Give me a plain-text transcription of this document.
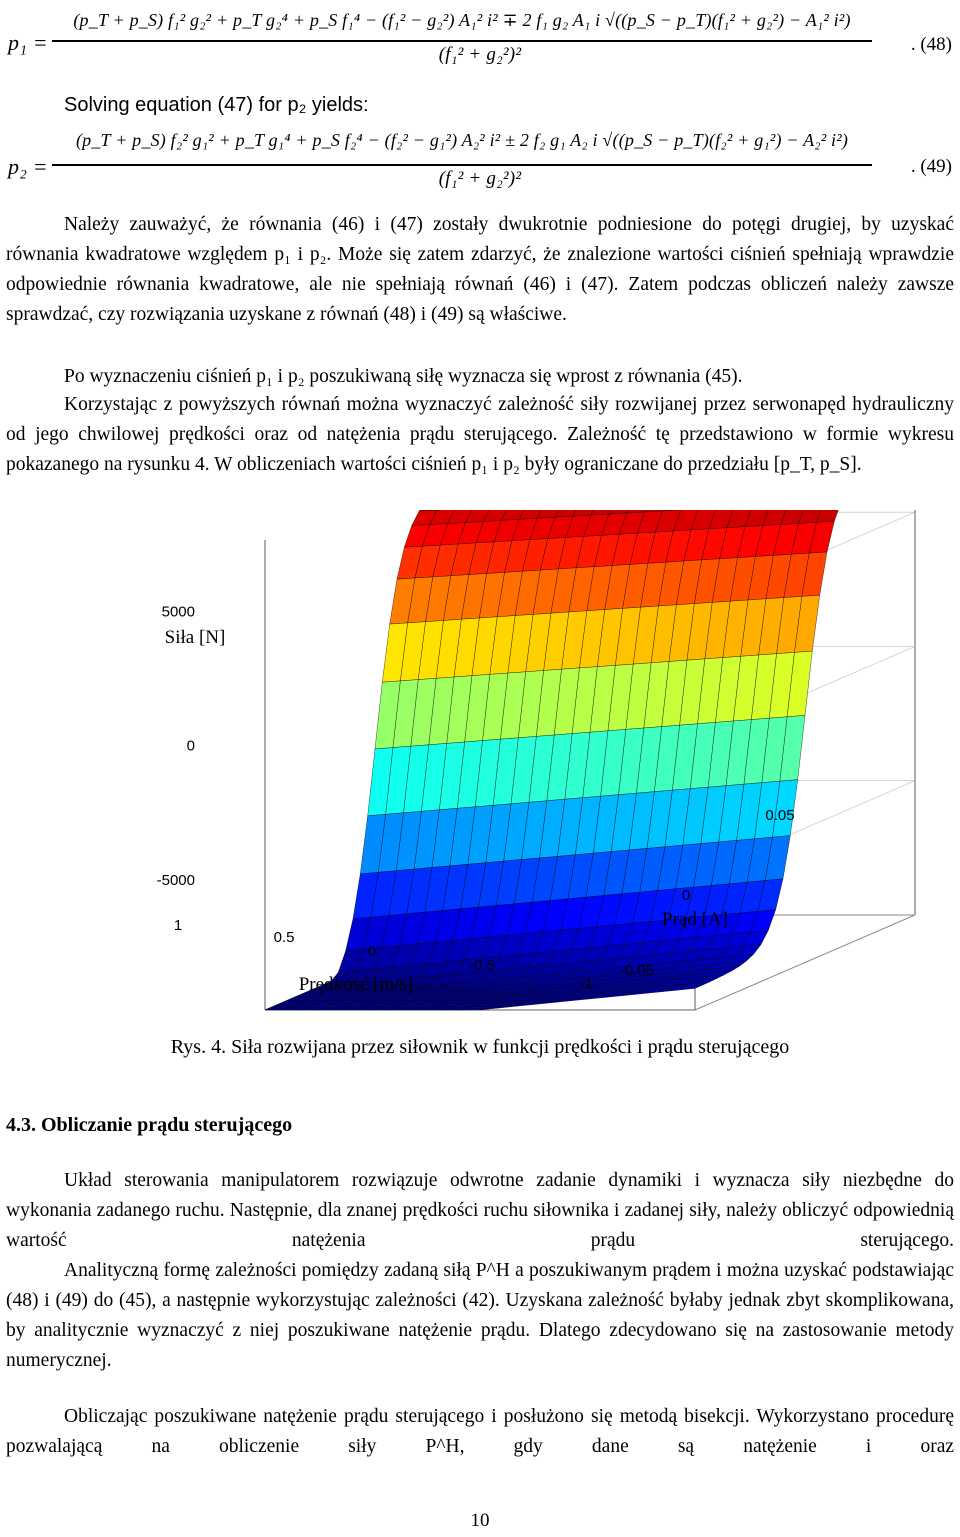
p₁ =
(p_T + p_S) f₁² g₂² + p_T g₂⁴ + p_S f₁⁴ − (f₁² − g₂²) A₁² i² ∓ 2 f₁ g₂ A₁ i √((p_S − p_T)(f₁² + g₂²) − A₁² i²)
(f₁² + g₂²)²	. (48)
Solving equation (47) for p₂ yields:
p₂ =
(p_T + p_S) f₂² g₁² + p_T g₁⁴ + p_S f₂⁴ − (f₂² − g₁²) A₂² i² ± 2 f₂ g₁ A₂ i √((p_S − p_T)(f₂² + g₁²) − A₂² i²)
(f₁² + g₂²)²
. (49)
Należy zauważyć, że równania (46) i (47) zostały dwukrotnie podniesione do potęgi drugiej, by uzyskać równania kwadratowe względem p₁ i p₂. Może się zatem zdarzyć, że znalezione wartości ciśnień spełniają wprawdzie odpowiednie równania kwadratowe, ale nie spełniają równań (46) i (47). Zatem podczas obliczeń należy zawsze sprawdzać, czy rozwiązania uzyskane z równań (48) i (49) są właściwe.
Po wyznaczeniu ciśnień p₁ i p₂ poszukiwaną siłę wyznacza się wprost z równania (45).
Korzystając z powyższych równań można wyznaczyć zależność siły rozwijanej przez serwonapęd hydrauliczny od jego chwilowej prędkości oraz od natężenia prądu sterującego. Zależność tę przedstawiono w formie wykresu pokazanego na rysunku 4. W obliczeniach wartości ciśnień p₁ i p₂ były ograniczane do przedziału [p_T, p_S].
Siła [N]
5000
0
-5000
1
0.5
0
-0.5
-1
Prędkość [m/s]
0.05
0
-0.05
Prąd [A]
Rys. 4. Siła rozwijana przez siłownik w funkcji prędkości i prądu sterującego
4.3. Obliczanie prądu sterującego
Układ sterowania manipulatorem rozwiązuje odwrotne zadanie dynamiki i wyznacza siły niezbędne do wykonania zadanego ruchu. Następnie, dla znanej prędkości ruchu siłownika i zadanej siły, należy obliczyć odpowiednią wartość natężenia prądu sterującego.
Analityczną formę zależności pomiędzy zadaną siłą P^H a poszukiwanym prądem i można uzyskać podstawiając (48) i (49) do (45), a następnie wykorzystując zależności (42). Uzyskana zależność byłaby jednak zbyt skomplikowana, by analitycznie wyznaczyć z niej poszukiwane natężenie prądu. Dlatego zdecydowano się na zastosowanie metody numerycznej.
Obliczając poszukiwane natężenie prądu sterującego i posłużono się metodą bisekcji. Wykorzystano procedurę pozwalającą na obliczenie siły P^H, gdy dane są natężenie i oraz
10
